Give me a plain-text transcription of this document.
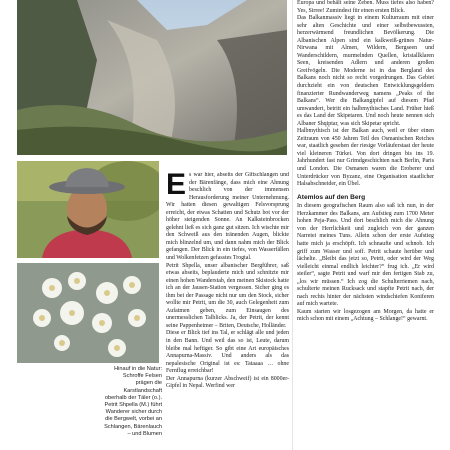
Hinauf in die Natur: Schroffe Felsen prägen die Karstlandschaft oberhalb der Täler (o.). Petrit Shpella (M.) führt Wanderer sicher durch die Bergwelt, vorbei an Schlangen, Bärenlauch – und Blumen
E s war hier, abseits der Giftschlangen und der Bärenfänge, dass mich eine Ahnung beschlich von der immensen Herausforderung meiner Unternehmung. Wir hatten diesen gewaltigen Felsvorsprung erreicht, der etwas Schatten und Schutz bot vor der höher steigenden Sonne. An Kalksteinbrocken gelehnt ließ es sich ganz gut sitzen. Ich wischte mir den Schweiß aus den tränenden Augen, blickte mich blinzelnd um, und dann nahm mich der Blick gefangen. Der Blick in ein tiefes, von Wasserfällen und Wolkenfetzen gefasstes Trogtal.

Petrit Shpella, unser albanischer Bergführer, saß etwas abseits, beplauderte mich und schnitzte mir einen hohen Wanderstab, den meinen Skistock hatte ich an der Jausen-Station vergessen. Sicher ging es ihm bei der Passage nicht nur um den Stock, sicher wollte mir Petrit, um die 30, auch Gelegenheit zum Aufatmen geben, zum Einsaugen des unermesslichen Talblicks. Ja, der Petrit, der kennt seine Pappenheimer – Briten, Deutsche, Holländer.

Diese er Blick tief ins Tal, er schlägt alle und jeden in den Bann. Und weil das so ist, Leute, darum bleibe mal heftiger. So gibt eine Art europäisches Annapurna-Massiv. Und anders als das nepalesische Original ist es: Tataaaa … ohne Fernflug erreichbar!

Der Annapurna (kurzer Abschweif) ist ein 8000er-Gipfel in Nepal. Werfind wer

Europa und behält seine Zeben. Muss tiefes also haben? Yes, Sirree! Zumindest für einen ersten Blick.

Das Balkanmassiv liegt in einem Kulturraum mit einer sehr alten Geschichte und einer selbstbewussten, herzerwärmend freundlichen Bevölkerung. Die Albanischen Alpen sind ein kalkweiß-grünes Natur-Nirwana mit Almen, Wildern, Bergseen und Wanderschildern, murmelnden Quellen, kristallklaren Seen, kreisenden Adlern und anderen großen Greifvögeln. Die Moderne ist in das Bergland des Balkans noch nicht so recht vorgedrungen. Das Gebiet durchzieht ein von deutschen Entwicklungsgeldern finanzierter Rundwanderweg namens „Peaks of the Balkans“. Wer die Balkangipfel auf diesem Pfad umwandert, betritt ein halbmythisches Land. Früher hieß es das Land der Skipetaren. Und noch heute nennen sich Albaner Shqiptar, was sich Skipetar spricht.

Halbmythisch ist der Balkan auch, weil er über einen Zeitraum von 450 Jahren Teil des Osmanischen Reiches war, staatlich gesehen der riesige Vorläuferstaat der heute viel kleineren Türkei. Von dort dringen bis ins 19. Jahrhundert fast nur Grimdgeschichten nach Berlin, Paris und London. Die Osmanen waren die Eroberer und Unterdrücker von Byzanz, eine Organisation staatlicher Halsabschneider, ein Übel.

Atemlos auf den Berg

In diesem geografischen Raum also saß ich nun, in der Herzkammer des Balkans, am Aufstieg zum 1700 Meter hohen Peja-Pass. Und dort beschlich mich die Ahnung von der Herrlichkeit und zugleich von der ganzen Narretei meines Tuns. Allein schon der erste Aufstieg hatte mich ja erschöpft. Ich schnaufte und schnob. Ich griff zum Wasser und soff. Petrit schaute herüber und lächelte. „Bleibt das jetzt so, Petrit, oder wird der Weg vielleicht einmal endlich leichter?“ frug ich. „Er wird steiler“, sagte Petrit und warf mir den fertigen Stab zu, „los wir müssen.“ Ich zog die Schulterriemen nach, schulterte meinen Rucksack und stapfte Petrit nach, der nach rechts hinter der nächsten windschiefen Koniferen auf mich wartete.

Kaum starten wir losgezogen am Morgen, da hatte er mich schon mit einem „Achtung – Schlange!“ gewarnt.
